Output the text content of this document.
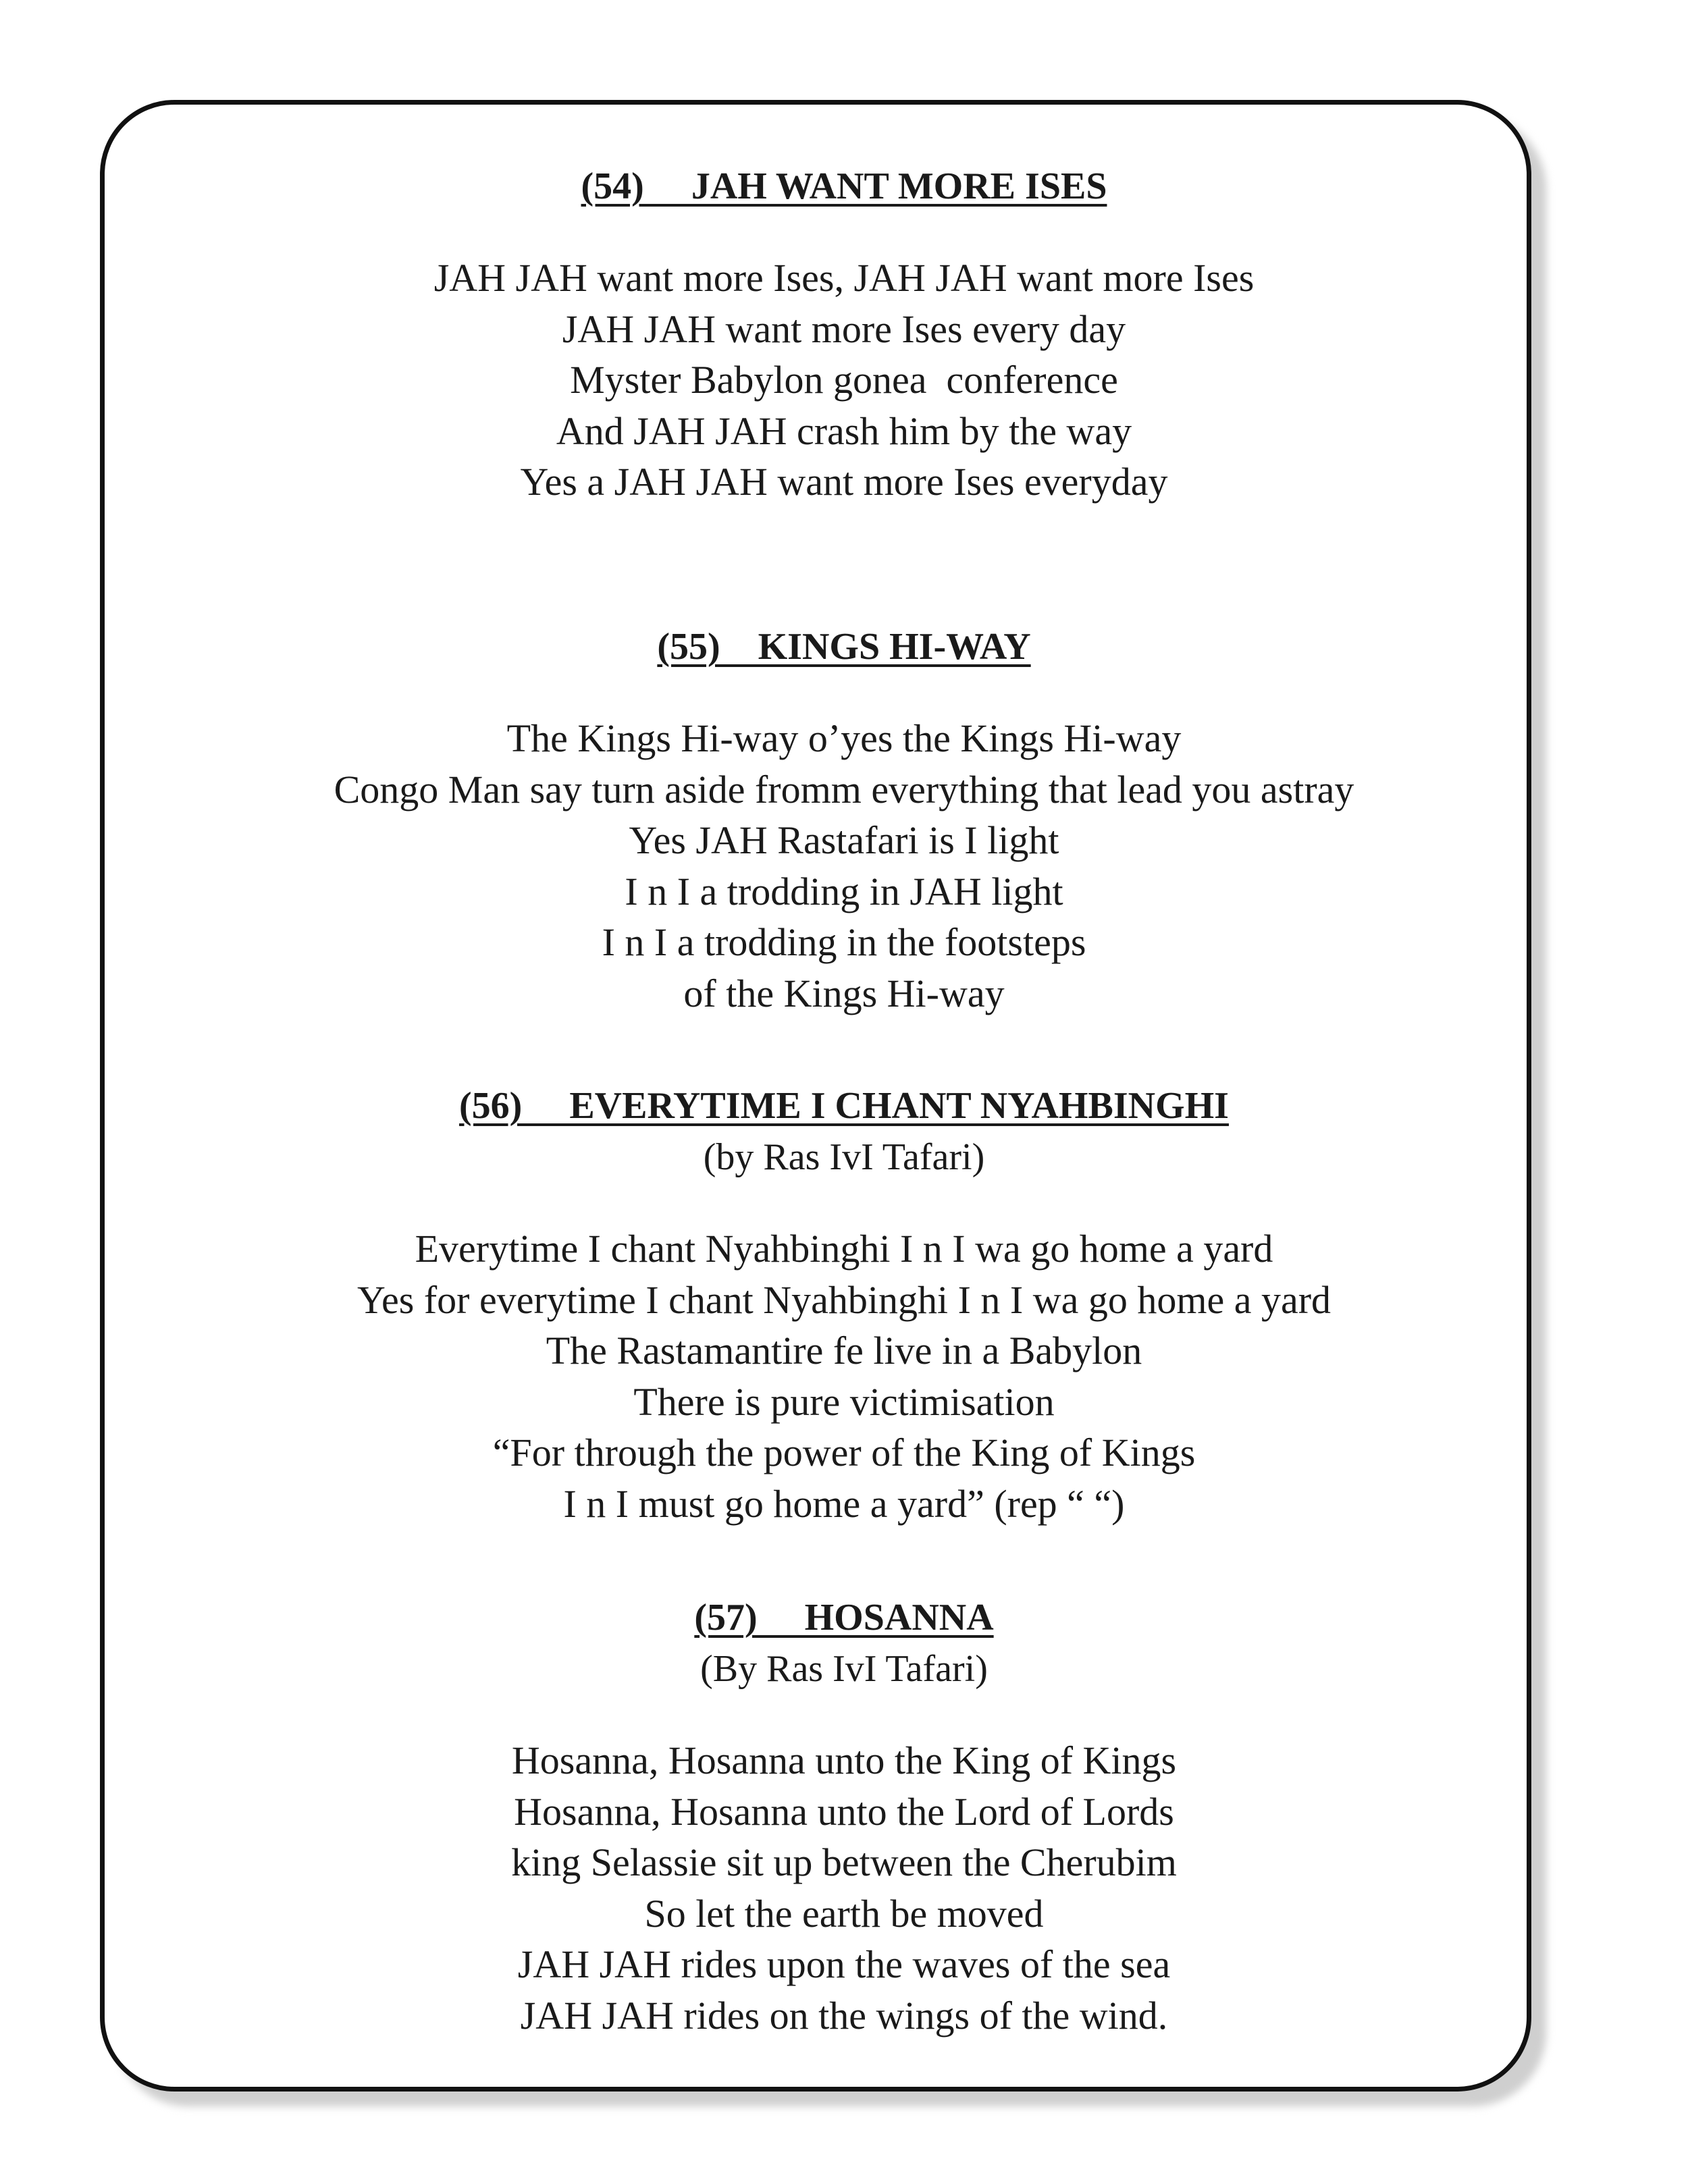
(54)     JAH WANT MORE ISES
JAH JAH want more Ises, JAH JAH want more Ises
JAH JAH want more Ises every day
Myster Babylon gonea  conference
And JAH JAH crash him by the way
Yes a JAH JAH want more Ises everyday
(55)    KINGS HI-WAY
The Kings Hi-way o’yes the Kings Hi-way
Congo Man say turn aside fromm everything that lead you astray
Yes JAH Rastafari is I light
I n I a trodding in JAH light
I n I a trodding in the footsteps
of the Kings Hi-way
(56)     EVERYTIME I CHANT NYAHBINGHI
(by Ras IvI Tafari)
Everytime I chant Nyahbinghi I n I wa go home a yard
Yes for everytime I chant Nyahbinghi I n I wa go home a yard
The Rastamantire fe live in a Babylon
There is pure victimisation
“For through the power of the King of Kings
I n I must go home a yard” (rep “ “)
(57)     HOSANNA
(By Ras IvI Tafari)
Hosanna, Hosanna unto the King of Kings
Hosanna, Hosanna unto the Lord of Lords
king Selassie sit up between the Cherubim
So let the earth be moved
JAH JAH rides upon the waves of the sea
JAH JAH rides on the wings of the wind.
